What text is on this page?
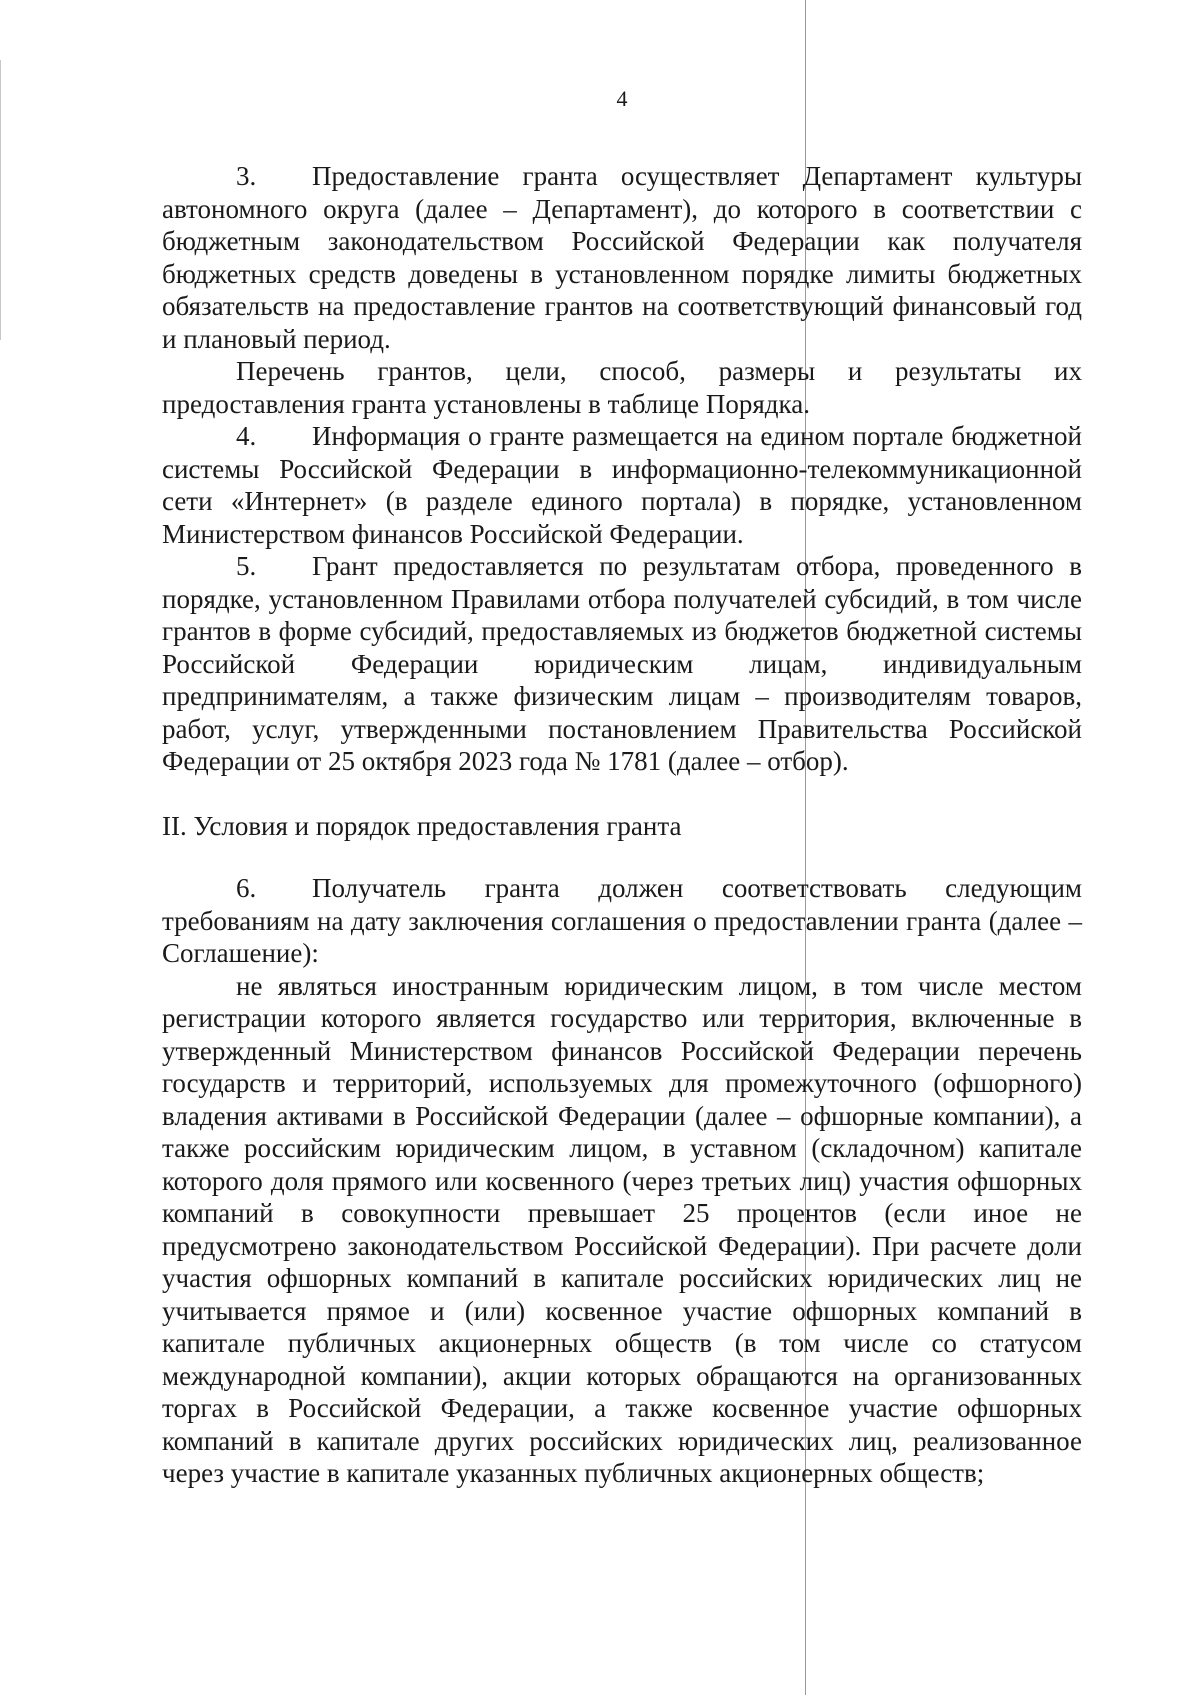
4

3. Предоставление гранта осуществляет Департамент культуры автономного округа (далее – Департамент), до которого в соответствии с бюджетным законодательством Российской Федерации как получателя бюджетных средств доведены в установленном порядке лимиты бюджетных обязательств на предоставление грантов на соответствующий финансовый год и плановый период.

Перечень грантов, цели, способ, размеры и результаты их предоставления гранта установлены в таблице Порядка.

4. Информация о гранте размещается на едином портале бюджетной системы Российской Федерации в информационно-телекоммуникационной сети «Интернет» (в разделе единого портала) в порядке, установленном Министерством финансов Российской Федерации.

5. Грант предоставляется по результатам отбора, проведенного в порядке, установленном Правилами отбора получателей субсидий, в том числе грантов в форме субсидий, предоставляемых из бюджетов бюджетной системы Российской Федерации юридическим лицам, индивидуальным предпринимателям, а также физическим лицам – производителям товаров, работ, услуг, утвержденными постановлением Правительства Российской Федерации от 25 октября 2023 года № 1781 (далее – отбор).

II. Условия и порядок предоставления гранта

6. Получатель гранта должен соответствовать следующим требованиям на дату заключения соглашения о предоставлении гранта (далее – Соглашение):

не являться иностранным юридическим лицом, в том числе местом регистрации которого является государство или территория, включенные в утвержденный Министерством финансов Российской Федерации перечень государств и территорий, используемых для промежуточного (офшорного) владения активами в Российской Федерации (далее – офшорные компании), а также российским юридическим лицом, в уставном (складочном) капитале которого доля прямого или косвенного (через третьих лиц) участия офшорных компаний в совокупности превышает 25 процентов (если иное не предусмотрено законодательством Российской Федерации). При расчете доли участия офшорных компаний в капитале российских юридических лиц не учитывается прямое и (или) косвенное участие офшорных компаний в капитале публичных акционерных обществ (в том числе со статусом международной компании), акции которых обращаются на организованных торгах в Российской Федерации, а также косвенное участие офшорных компаний в капитале других российских юридических лиц, реализованное через участие в капитале указанных публичных акционерных обществ;
